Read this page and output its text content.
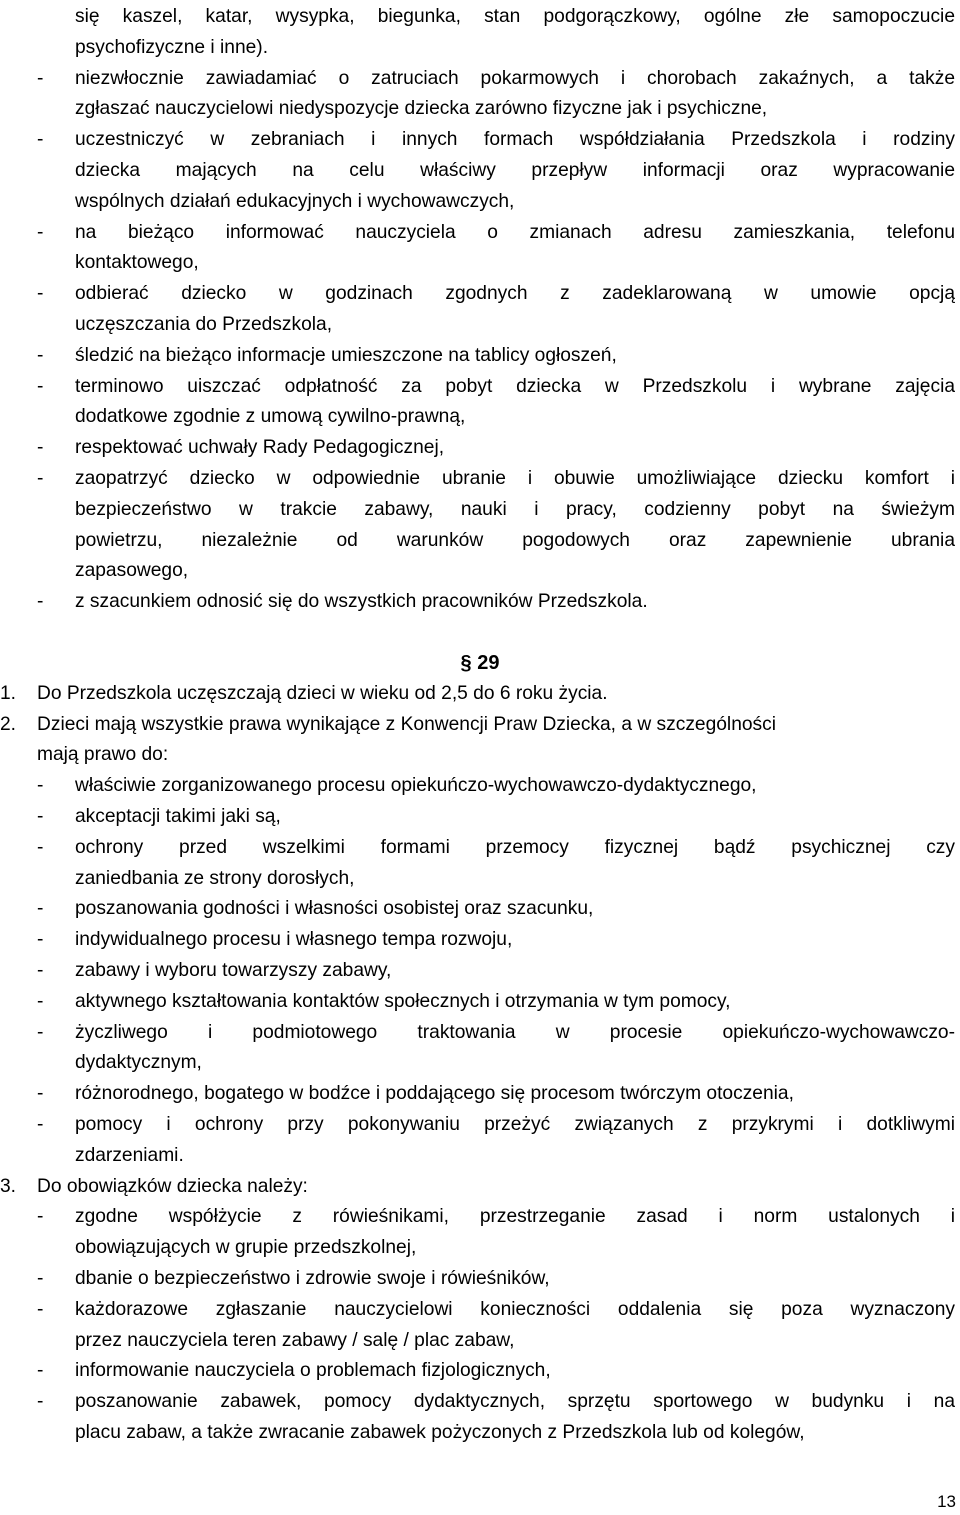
się kaszel, katar, wysypka, biegunka, stan podgorączkowy, ogólne złe samopoczucie
psychofizyczne i inne).
- niezwłocznie zawiadamiać o zatruciach pokarmowych i chorobach zakaźnych, a także
zgłaszać nauczycielowi niedyspozycje dziecka zarówno fizyczne jak i psychiczne,
- uczestniczyć w zebraniach i innych formach współdziałania Przedszkola i rodziny
dziecka mających na celu właściwy przepływ informacji oraz wypracowanie
wspólnych działań edukacyjnych i wychowawczych,
- na bieżąco informować nauczyciela o zmianach adresu zamieszkania, telefonu
kontaktowego,
- odbierać dziecko w godzinach zgodnych z zadeklarowaną w umowie opcją
uczęszczania do Przedszkola,
- śledzić na bieżąco informacje umieszczone na tablicy ogłoszeń,
- terminowo uiszczać odpłatność za pobyt dziecka w Przedszkolu i wybrane zajęcia
dodatkowe zgodnie z umową cywilno-prawną,
- respektować uchwały Rady Pedagogicznej,
- zaopatrzyć dziecko w odpowiednie ubranie i obuwie umożliwiające dziecku komfort i
bezpieczeństwo w trakcie zabawy, nauki i pracy, codzienny pobyt na świeżym
powietrzu, niezależnie od warunków pogodowych oraz zapewnienie ubrania
zapasowego,
- z szacunkiem odnosić się do wszystkich pracowników Przedszkola.
§ 29
1. Do Przedszkola uczęszczają dzieci w wieku od 2,5 do 6 roku życia.
2. Dzieci mają wszystkie prawa wynikające z Konwencji Praw Dziecka, a w szczególności
mają prawo do:
- właściwie zorganizowanego procesu opiekuńczo-wychowawczo-dydaktycznego,
- akceptacji takimi jaki są,
- ochrony przed wszelkimi formami przemocy fizycznej bądź psychicznej czy
zaniedbania ze strony dorosłych,
- poszanowania godności i własności osobistej oraz szacunku,
- indywidualnego procesu i własnego tempa rozwoju,
- zabawy i wyboru towarzyszy zabawy,
- aktywnego kształtowania kontaktów społecznych i otrzymania w tym pomocy,
- życzliwego i podmiotowego traktowania w procesie opiekuńczo-wychowawczo-
dydaktycznym,
- różnorodnego, bogatego w bodźce i poddającego się procesom twórczym otoczenia,
- pomocy i ochrony przy pokonywaniu przeżyć związanych z przykrymi i dotkliwymi
zdarzeniami.
3. Do obowiązków dziecka należy:
- zgodne współżycie z rówieśnikami, przestrzeganie zasad i norm ustalonych i
obowiązujących w grupie przedszkolnej,
- dbanie o bezpieczeństwo i zdrowie swoje i rówieśników,
- każdorazowe zgłaszanie nauczycielowi konieczności oddalenia się poza wyznaczony
przez nauczyciela teren zabawy / salę / plac zabaw,
- informowanie nauczyciela o problemach fizjologicznych,
- poszanowanie zabawek, pomocy dydaktycznych, sprzętu sportowego w budynku i na
placu zabaw, a także zwracanie zabawek pożyczonych z Przedszkola lub od kolegów,
13
